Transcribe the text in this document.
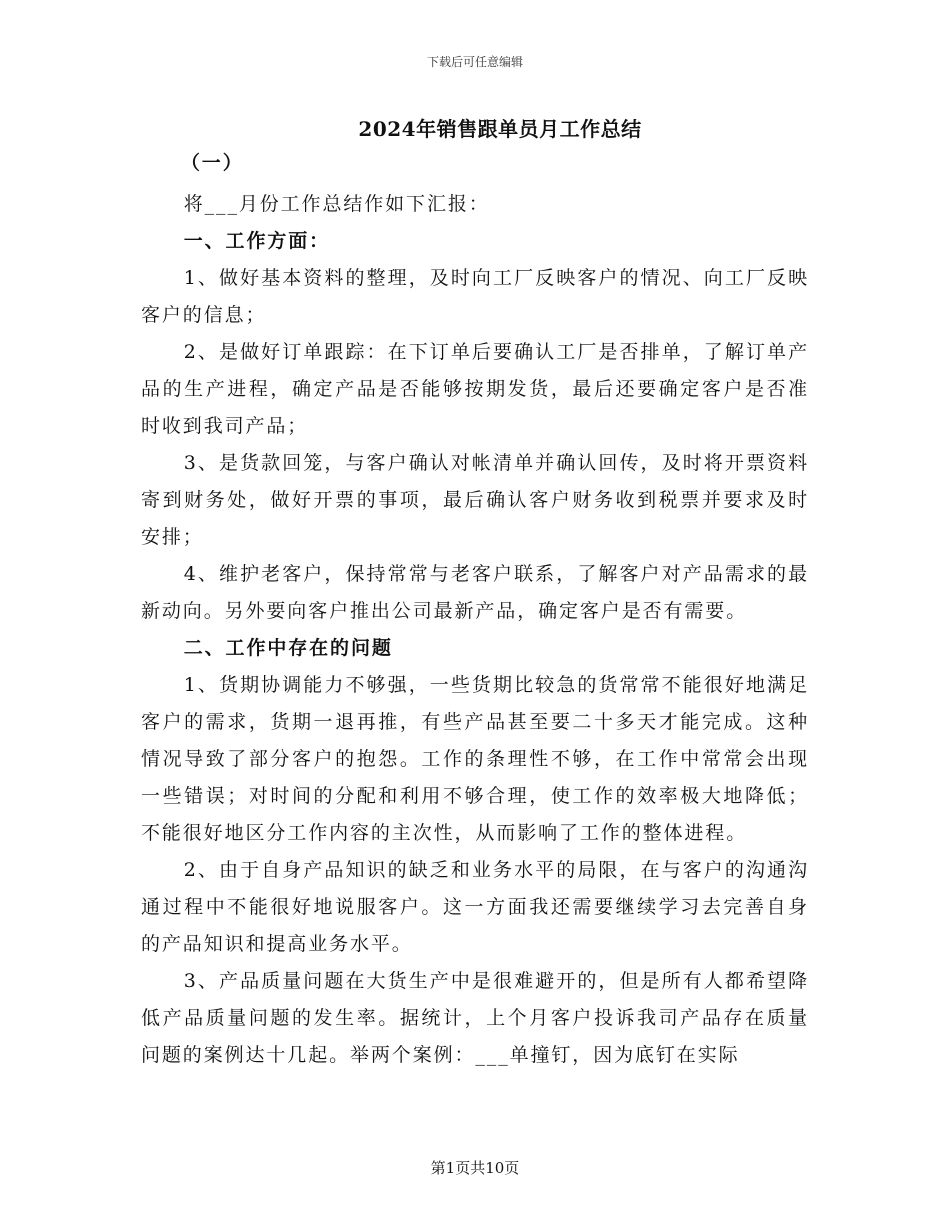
下载后可任意编辑
2024年销售跟单员月工作总结

（一）

将___月份工作总结作如下汇报：

一、工作方面：

1、做好基本资料的整理，及时向工厂反映客户的情况、向工厂反映客户的信息；

2、是做好订单跟踪：在下订单后要确认工厂是否排单，了解订单产品的生产进程，确定产品是否能够按期发货，最后还要确定客户是否准时收到我司产品；

3、是货款回笼，与客户确认对帐清单并确认回传，及时将开票资料寄到财务处，做好开票的事项，最后确认客户财务收到税票并要求及时安排；

4、维护老客户，保持常常与老客户联系，了解客户对产品需求的最新动向。另外要向客户推出公司最新产品，确定客户是否有需要。

二、工作中存在的问题

1、货期协调能力不够强，一些货期比较急的货常常不能很好地满足客户的需求，货期一退再推，有些产品甚至要二十多天才能完成。这种情况导致了部分客户的抱怨。工作的条理性不够，在工作中常常会出现一些错误；对时间的分配和利用不够合理，使工作的效率极大地降低；不能很好地区分工作内容的主次性，从而影响了工作的整体进程。

2、由于自身产品知识的缺乏和业务水平的局限，在与客户的沟通沟通过程中不能很好地说服客户。这一方面我还需要继续学习去完善自身的产品知识和提高业务水平。

3、产品质量问题在大货生产中是很难避开的，但是所有人都希望降低产品质量问题的发生率。据统计，上个月客户投诉我司产品存在质量问题的案例达十几起。举两个案例：___单撞钉，因为底钉在实际

第1页共10页
